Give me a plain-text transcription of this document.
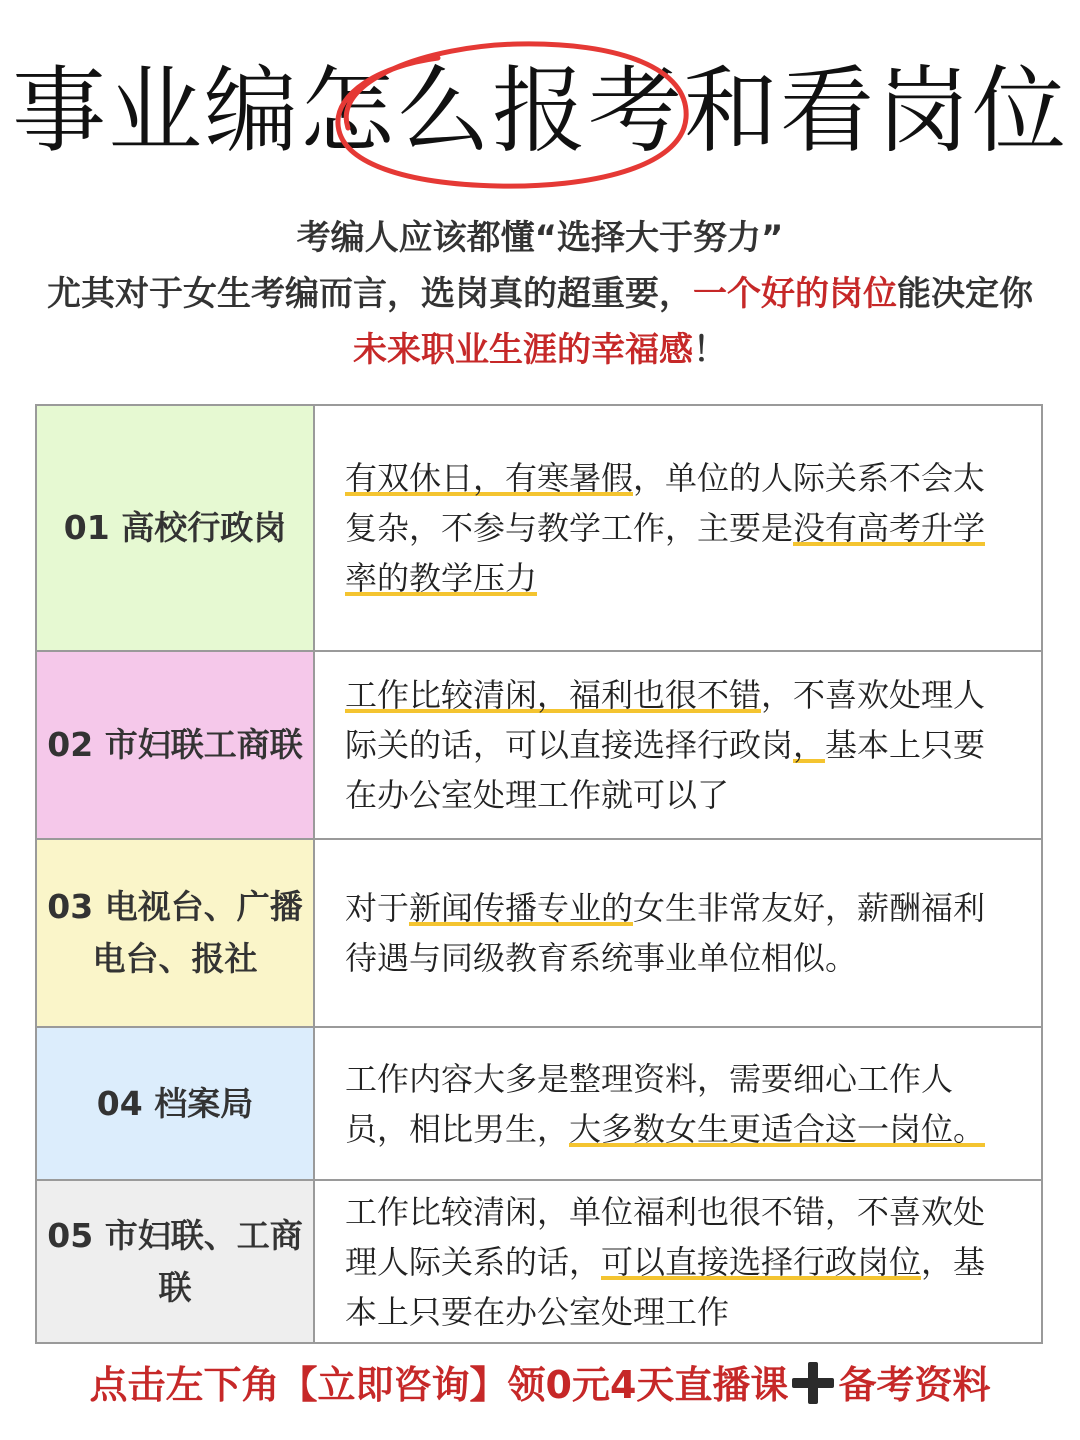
事业编怎么报考和看岗位
考编人应该都懂“选择大于努力”
尤其对于女生考编而言，选岗真的超重要，一个好的岗位能决定你未来职业生涯的幸福感！
01 高校行政岗
有双休日，有寒暑假，单位的人际关系不会太复杂，不参与教学工作，主要是没有高考升学率的教学压力
02 市妇联工商联
工作比较清闲，福利也很不错，不喜欢处理人际关的话，可以直接选择行政岗，基本上只要在办公室处理工作就可以了
03 电视台、广播电台、报社
对于新闻传播专业的女生非常友好，薪酬福利待遇与同级教育系统事业单位相似。
04 档案局
工作内容大多是整理资料，需要细心工作人员，相比男生，大多数女生更适合这一岗位。
05 市妇联、工商联
工作比较清闲，单位福利也很不错，不喜欢处理人际关系的话，可以直接选择行政岗位，基本上只要在办公室处理工作
点击左下角【立即咨询】领0元4天直播课 备考资料
